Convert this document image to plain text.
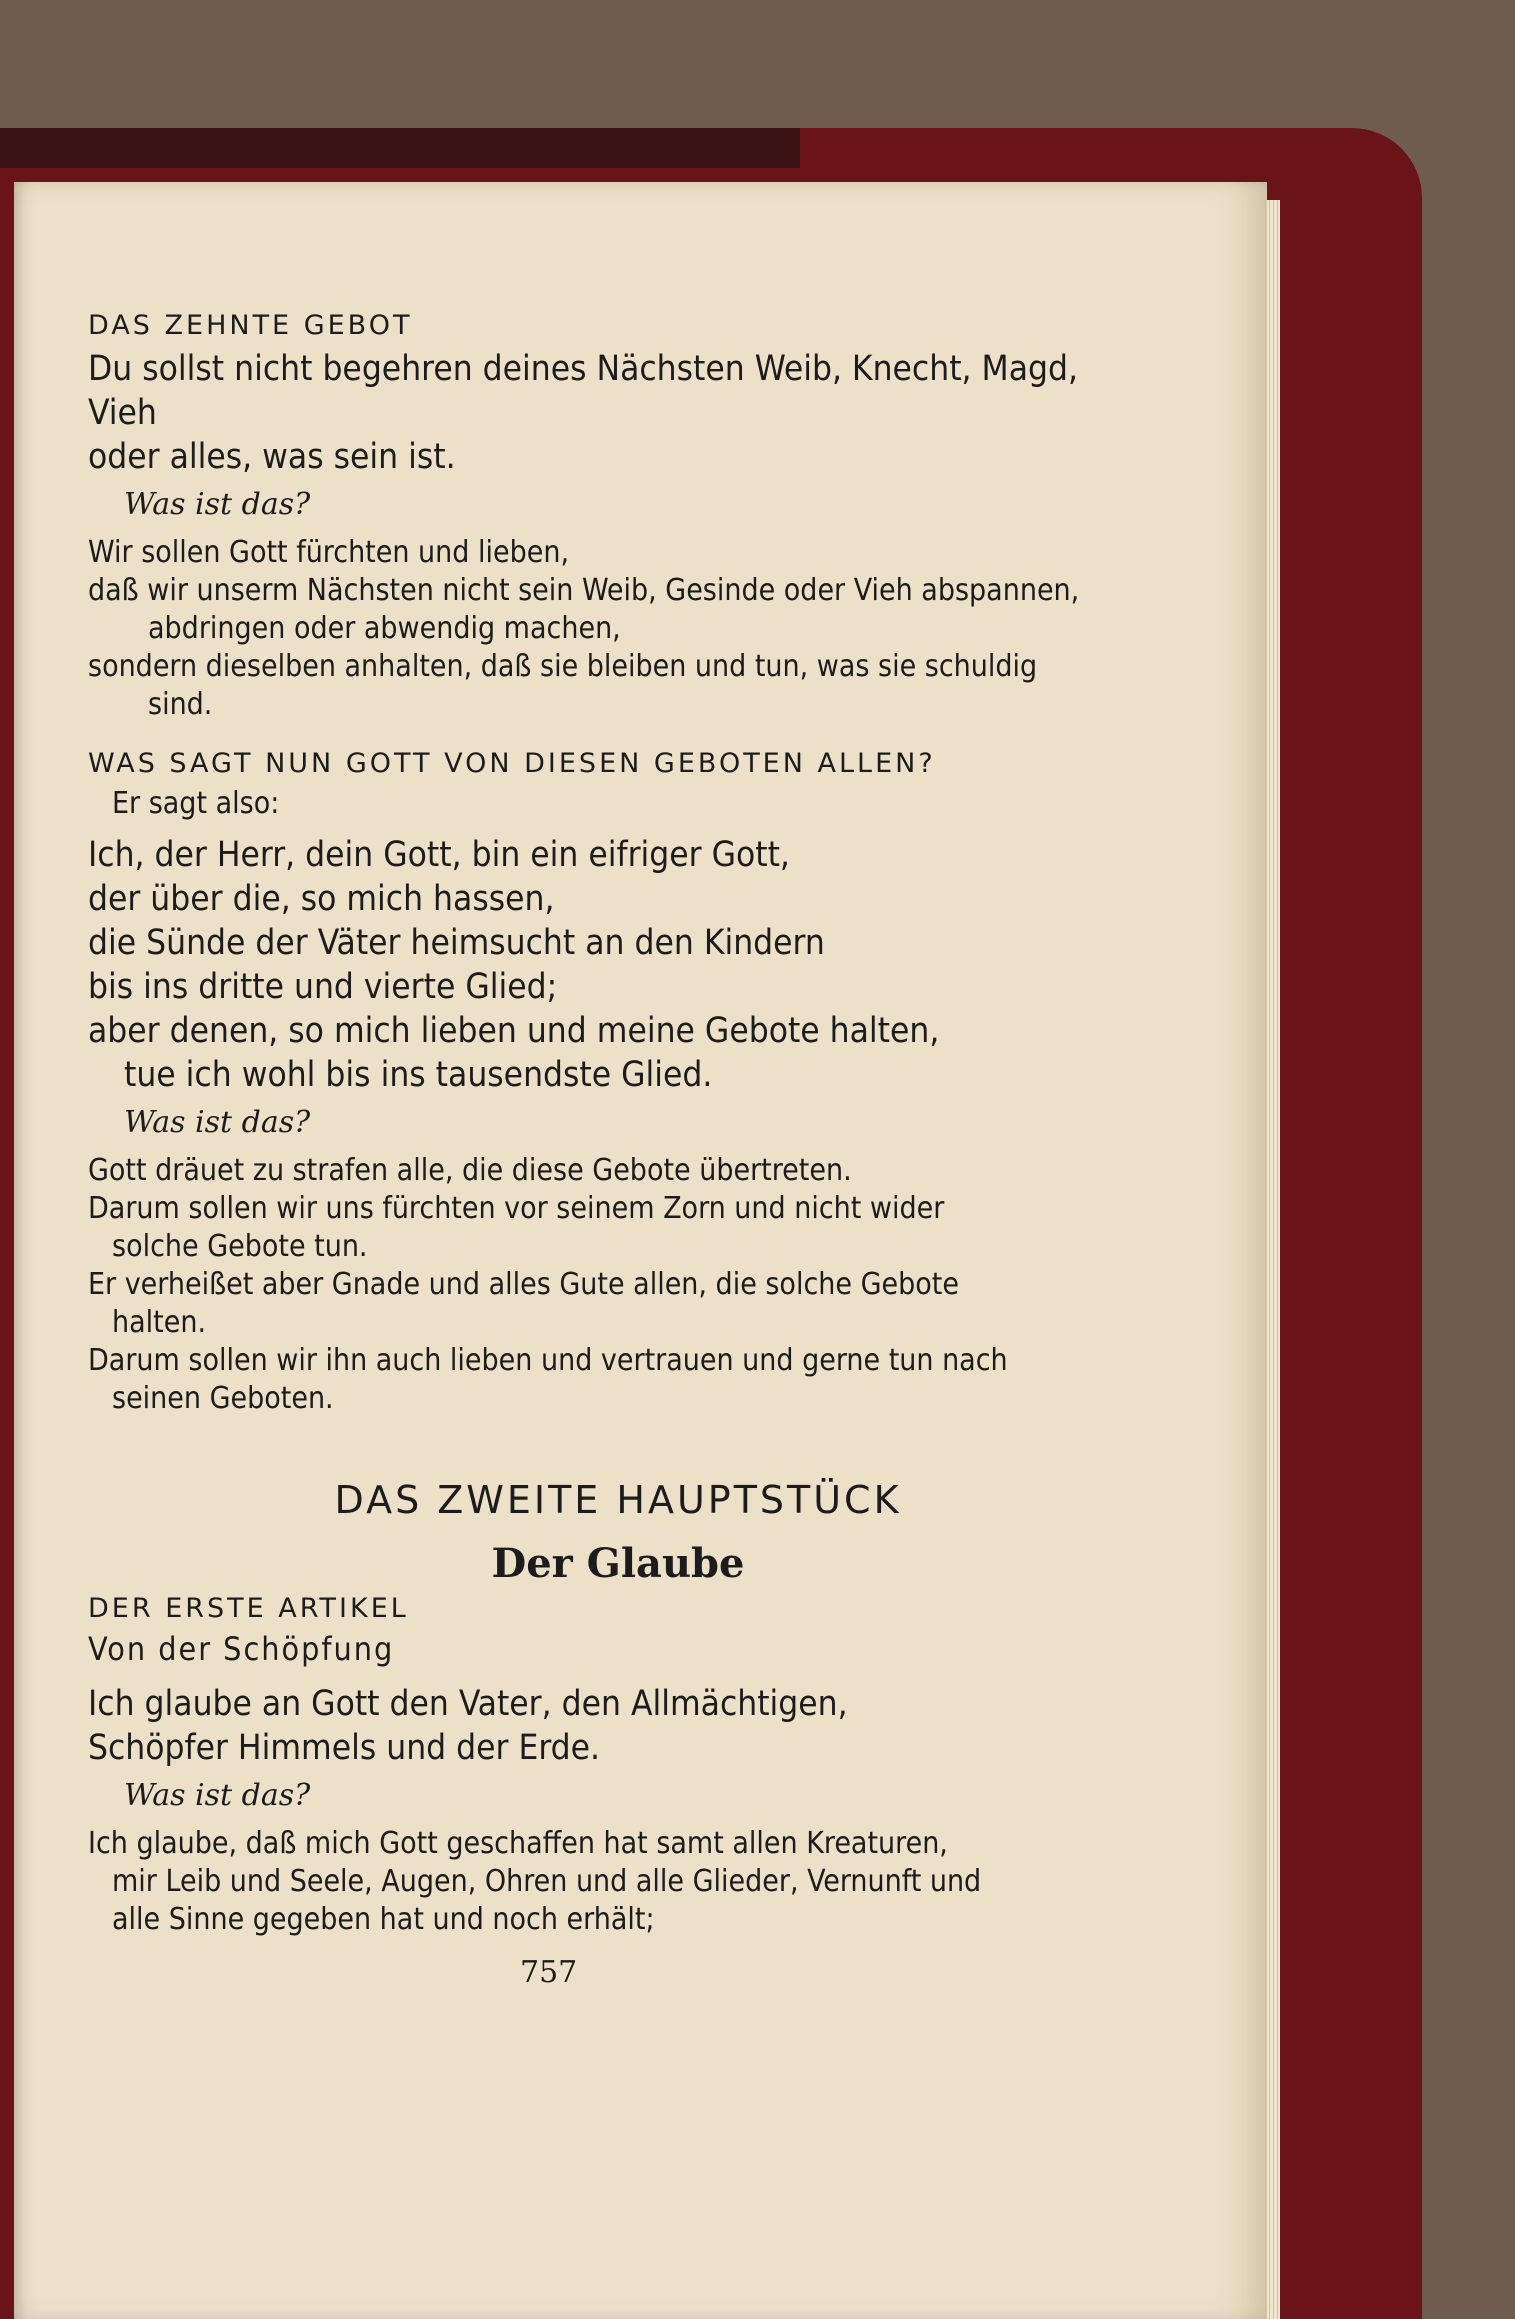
DAS ZEHNTE GEBOT

Du sollst nicht begehren deines Nächsten Weib, Knecht, Magd, Vieh

oder alles, was sein ist.

Was ist das?

Wir sollen Gott fürchten und lieben,

daß wir unserm Nächsten nicht sein Weib, Gesinde oder Vieh abspannen,

abdringen oder abwendig machen,

sondern dieselben anhalten, daß sie bleiben und tun, was sie schuldig

sind.

WAS SAGT NUN GOTT VON DIESEN GEBOTEN ALLEN?

Er sagt also:

Ich, der Herr, dein Gott, bin ein eifriger Gott,

der über die, so mich hassen,

die Sünde der Väter heimsucht an den Kindern

bis ins dritte und vierte Glied;

aber denen, so mich lieben und meine Gebote halten,

tue ich wohl bis ins tausendste Glied.

Was ist das?

Gott dräuet zu strafen alle, die diese Gebote übertreten.

Darum sollen wir uns fürchten vor seinem Zorn und nicht wider

solche Gebote tun.

Er verheißet aber Gnade und alles Gute allen, die solche Gebote

halten.

Darum sollen wir ihn auch lieben und vertrauen und gerne tun nach

seinen Geboten.

DAS ZWEITE HAUPTSTÜCK
Der Glaube
DER ERSTE ARTIKEL
Von der Schöpfung

Ich glaube an Gott den Vater, den Allmächtigen,

Schöpfer Himmels und der Erde.

Was ist das?

Ich glaube, daß mich Gott geschaffen hat samt allen Kreaturen,

mir Leib und Seele, Augen, Ohren und alle Glieder, Vernunft und

alle Sinne gegeben hat und noch erhält;

757
